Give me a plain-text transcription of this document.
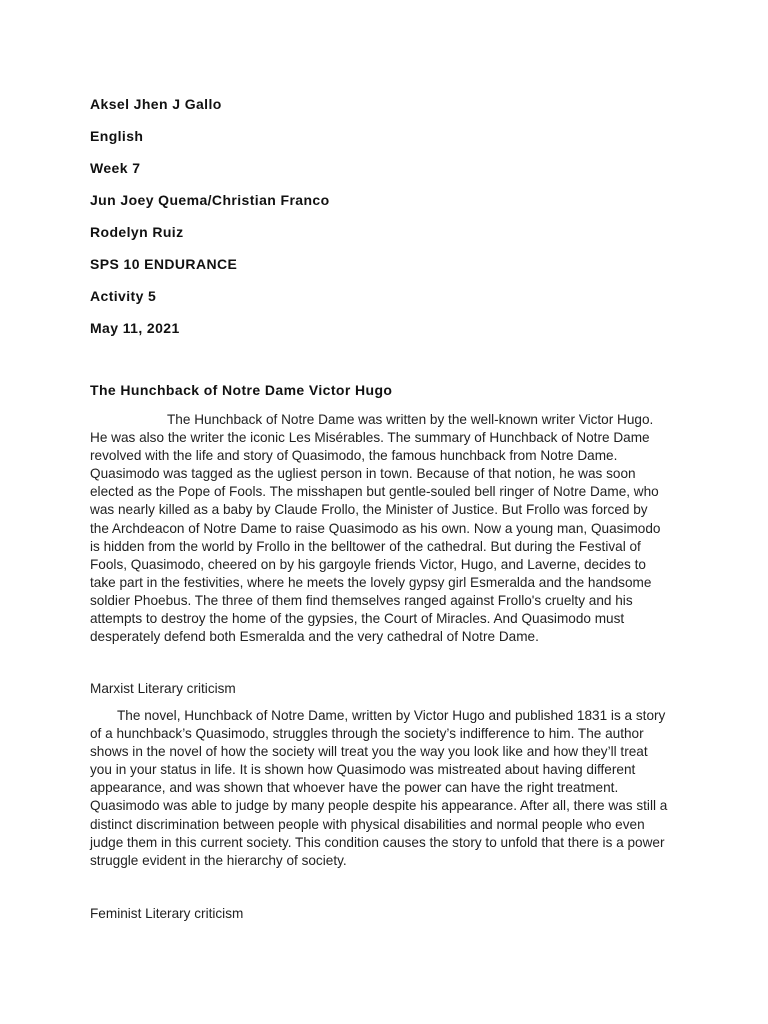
Aksel Jhen J Gallo
English
Week 7
Jun Joey Quema/Christian Franco
Rodelyn Ruiz
SPS 10 ENDURANCE
Activity 5
May 11, 2021
The Hunchback of Notre Dame Victor Hugo
The Hunchback of Notre Dame was written by the well-known writer Victor Hugo.
He was also the writer the iconic Les Misérables. The summary of Hunchback of Notre Dame
revolved with the life and story of Quasimodo, the famous hunchback from Notre Dame.
Quasimodo was tagged as the ugliest person in town. Because of that notion, he was soon
elected as the Pope of Fools. The misshapen but gentle-souled bell ringer of Notre Dame, who
was nearly killed as a baby by Claude Frollo, the Minister of Justice. But Frollo was forced by
the Archdeacon of Notre Dame to raise Quasimodo as his own. Now a young man, Quasimodo
is hidden from the world by Frollo in the belltower of the cathedral. But during the Festival of
Fools, Quasimodo, cheered on by his gargoyle friends Victor, Hugo, and Laverne, decides to
take part in the festivities, where he meets the lovely gypsy girl Esmeralda and the handsome
soldier Phoebus. The three of them find themselves ranged against Frollo's cruelty and his
attempts to destroy the home of the gypsies, the Court of Miracles. And Quasimodo must
desperately defend both Esmeralda and the very cathedral of Notre Dame.
Marxist Literary criticism
The novel, Hunchback of Notre Dame, written by Victor Hugo and published 1831 is a story
of a hunchback’s Quasimodo, struggles through the society’s indifference to him. The author
shows in the novel of how the society will treat you the way you look like and how they’ll treat
you in your status in life. It is shown how Quasimodo was mistreated about having different
appearance, and was shown that whoever have the power can have the right treatment.
Quasimodo was able to judge by many people despite his appearance. After all, there was still a
distinct discrimination between people with physical disabilities and normal people who even
judge them in this current society. This condition causes the story to unfold that there is a power
struggle evident in the hierarchy of society.
Feminist Literary criticism
